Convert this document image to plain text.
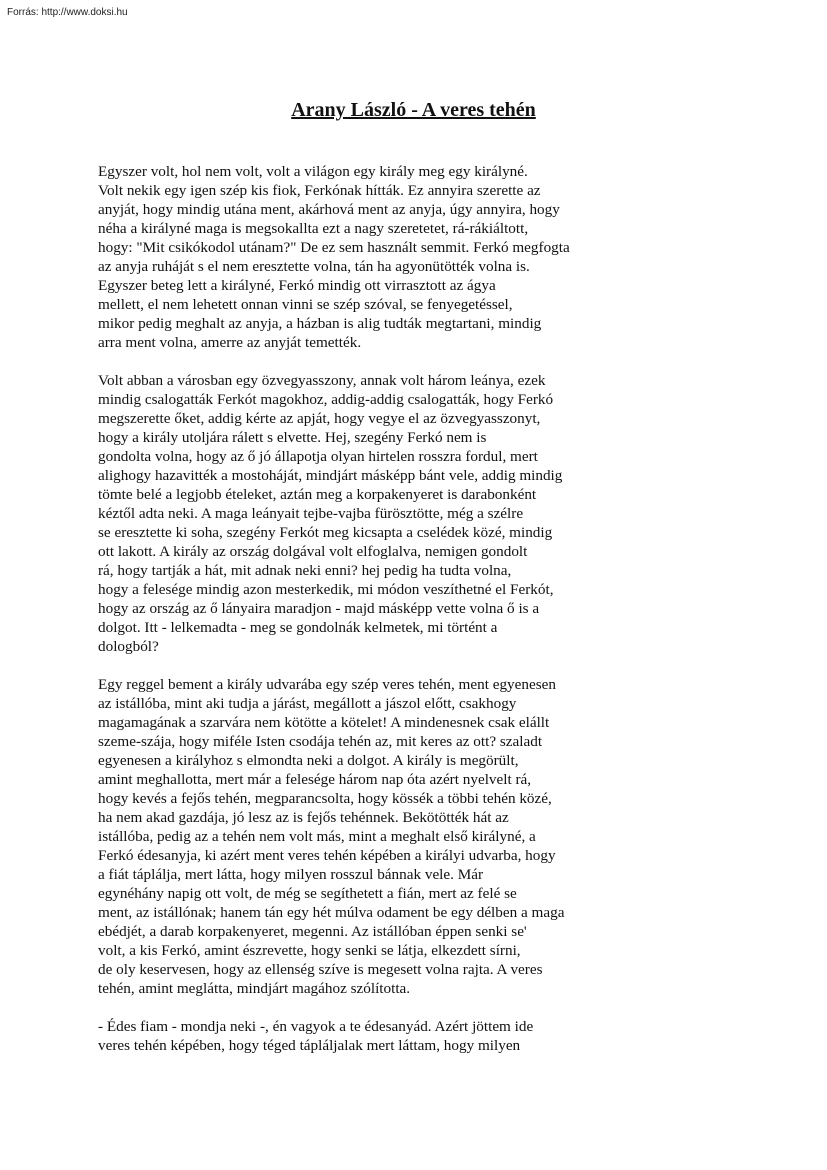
Forrás: http://www.doksi.hu
Arany László - A veres tehén

Egyszer volt, hol nem volt, volt a világon egy király meg egy királyné.
Volt nekik egy igen szép kis fiok, Ferkónak hítták. Ez annyira szerette az
anyját, hogy mindig utána ment, akárhová ment az anyja, úgy annyira, hogy
néha a királyné maga is megsokallta ezt a nagy szeretetet, rá-rákiáltott,
hogy: "Mit csikókodol utánam?" De ez sem használt semmit. Ferkó megfogta
az anyja ruháját s el nem eresztette volna, tán ha agyonütötték volna is.
Egyszer beteg lett a királyné, Ferkó mindig ott virrasztott az ágya
mellett, el nem lehetett onnan vinni se szép szóval, se fenyegetéssel,
mikor pedig meghalt az anyja, a házban is alig tudták megtartani, mindig
arra ment volna, amerre az anyját temették.

Volt abban a városban egy özvegyasszony, annak volt három leánya, ezek
mindig csalogatták Ferkót magokhoz, addig-addig csalogatták, hogy Ferkó
megszerette őket, addig kérte az apját, hogy vegye el az özvegyasszonyt,
hogy a király utoljára rálett s elvette. Hej, szegény Ferkó nem is
gondolta volna, hogy az ő jó állapotja olyan hirtelen rosszra fordul, mert
alighogy hazavitték a mostoháját, mindjárt másképp bánt vele, addig mindig
tömte belé a legjobb ételeket, aztán meg a korpakenyeret is darabonként
kéztől adta neki. A maga leányait tejbe-vajba fürösztötte, még a szélre
se eresztette ki soha, szegény Ferkót meg kicsapta a cselédek közé, mindig
ott lakott. A király az ország dolgával volt elfoglalva, nemigen gondolt
rá, hogy tartják a hát, mit adnak neki enni? hej pedig ha tudta volna,
hogy a felesége mindig azon mesterkedik, mi módon veszíthetné el Ferkót,
hogy az ország az ő lányaira maradjon - majd másképp vette volna ő is a
dolgot. Itt - lelkemadta - meg se gondolnák kelmetek, mi történt a
dologból?

Egy reggel bement a király udvarába egy szép veres tehén, ment egyenesen
az istállóba, mint aki tudja a járást, megállott a jászol előtt, csakhogy
magamagának a szarvára nem kötötte a kötelet! A mindenesnek csak elállt
szeme-szája, hogy miféle Isten csodája tehén az, mit keres az ott? szaladt
egyenesen a királyhoz s elmondta neki a dolgot. A király is megörült,
amint meghallotta, mert már a felesége három nap óta azért nyelvelt rá,
hogy kevés a fejős tehén, megparancsolta, hogy kössék a többi tehén közé,
ha nem akad gazdája, jó lesz az is fejős tehénnek. Bekötötték hát az
istállóba, pedig az a tehén nem volt más, mint a meghalt első királyné, a
Ferkó édesanyja, ki azért ment veres tehén képében a királyi udvarba, hogy
a fiát táplálja, mert látta, hogy milyen rosszul bánnak vele. Már
egynéhány napig ott volt, de még se segíthetett a fián, mert az felé se
ment, az istállónak; hanem tán egy hét múlva odament be egy délben a maga
ebédjét, a darab korpakenyeret, megenni. Az istállóban éppen senki se'
volt, a kis Ferkó, amint észrevette, hogy senki se látja, elkezdett sírni,
de oly keservesen, hogy az ellenség szíve is megesett volna rajta. A veres
tehén, amint meglátta, mindjárt magához szólította.

- Édes fiam - mondja neki -, én vagyok a te édesanyád. Azért jöttem ide
veres tehén képében, hogy téged tápláljalak mert láttam, hogy milyen
